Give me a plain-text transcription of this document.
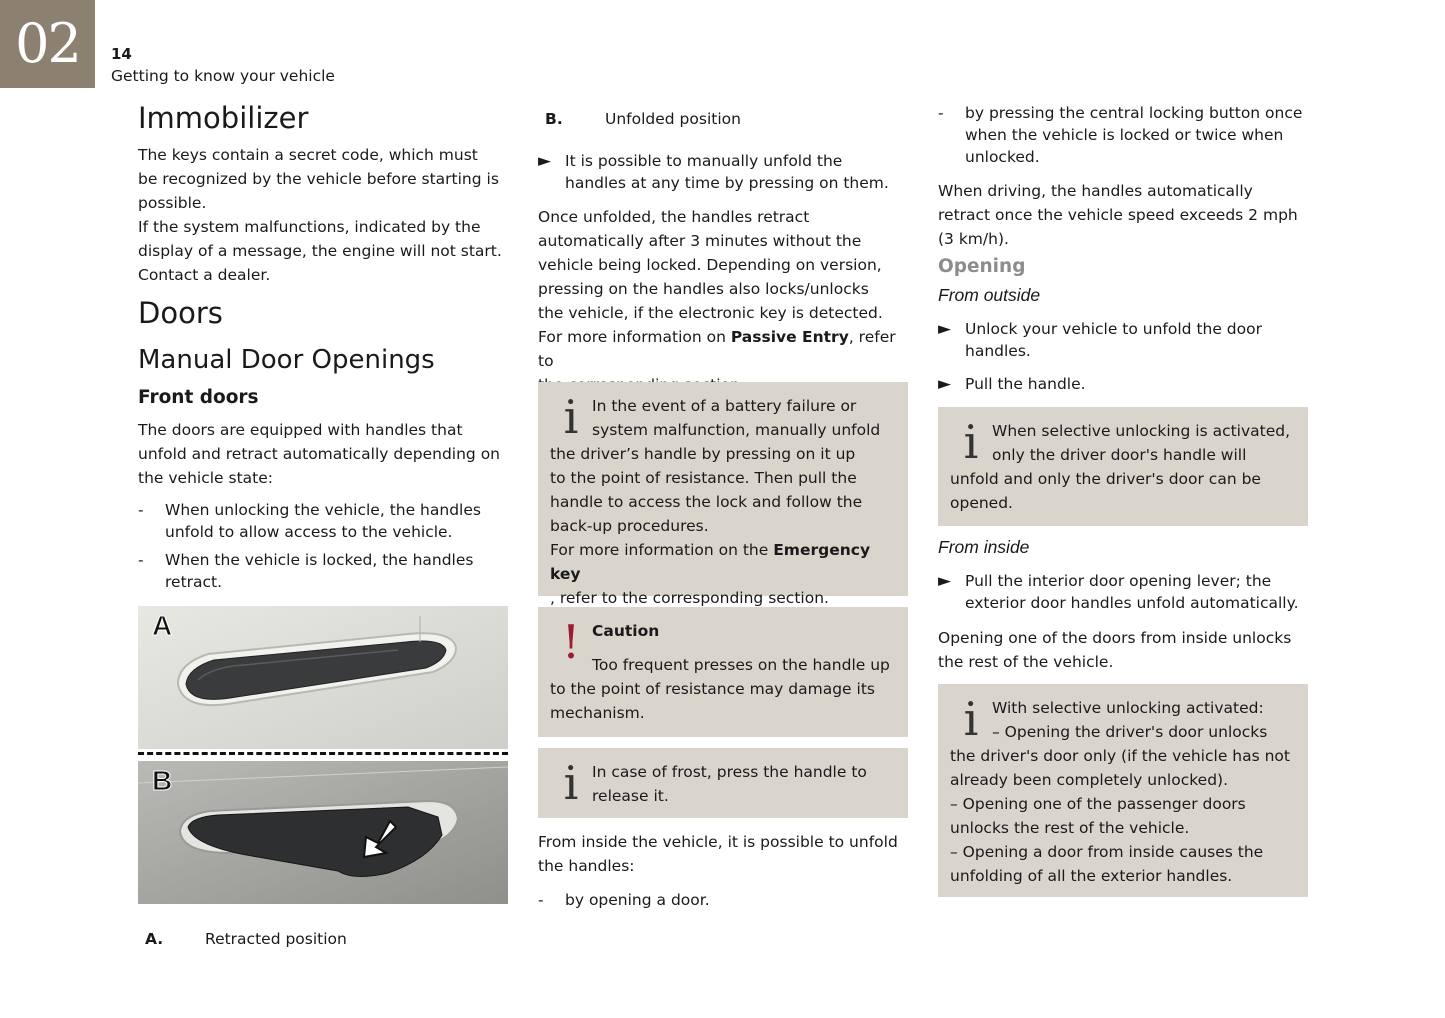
02	14
Getting to know your vehicle
Immobilizer

The keys contain a secret code, which must

be recognized by the vehicle before starting is

possible.

If the system malfunctions, indicated by the

display of a message, the engine will not start.

Contact a dealer.

Doors
Manual Door Openings
Front doors

The doors are equipped with handles that

unfold and retract automatically depending on

the vehicle state:

- When unlocking the vehicle, the handles
unfold to allow access to the vehicle.
- When the vehicle is locked, the handles
retract.
A
B
A.	Retracted position
B.	Unfolded position
► It is possible to manually unfold the
handles at any time by pressing on them.

Once unfolded, the handles retract

automatically after 3 minutes without the

vehicle being locked. Depending on version,

pressing on the handles also locks/unlocks

the vehicle, if the electronic key is detected.

For more information on Passive Entry, refer to

i In the event of a battery failure or
system malfunction, manually unfold
the driver’s handle by pressing on it up
to the point of resistance. Then pull the
handle to access the lock and follow the
back-up procedures.
For more information on the Emergency key
, refer to the corresponding section.
! Caution
Too frequent presses on the handle up
to the point of resistance may damage its
mechanism.
i In case of frost, press the handle to
release it.

From inside the vehicle, it is possible to unfold

the handles:

- by opening a door.
- by pressing the central locking button once
when the vehicle is locked or twice when
unlocked.

When driving, the handles automatically

retract once the vehicle speed exceeds 2 mph

(3 km/h).

Opening
From outside
► Unlock your vehicle to unfold the door
handles.
► Pull the handle.
i When selective unlocking is activated,
only the driver door's handle will
unfold and only the driver's door can be
opened.
From inside
► Pull the interior door opening lever; the
exterior door handles unfold automatically.

Opening one of the doors from inside unlocks

the rest of the vehicle.

i With selective unlocking activated:
– Opening the driver's door unlocks
the driver's door only (if the vehicle has not
already been completely unlocked).
– Opening one of the passenger doors
unlocks the rest of the vehicle.
– Opening a door from inside causes the
unfolding of all the exterior handles.
